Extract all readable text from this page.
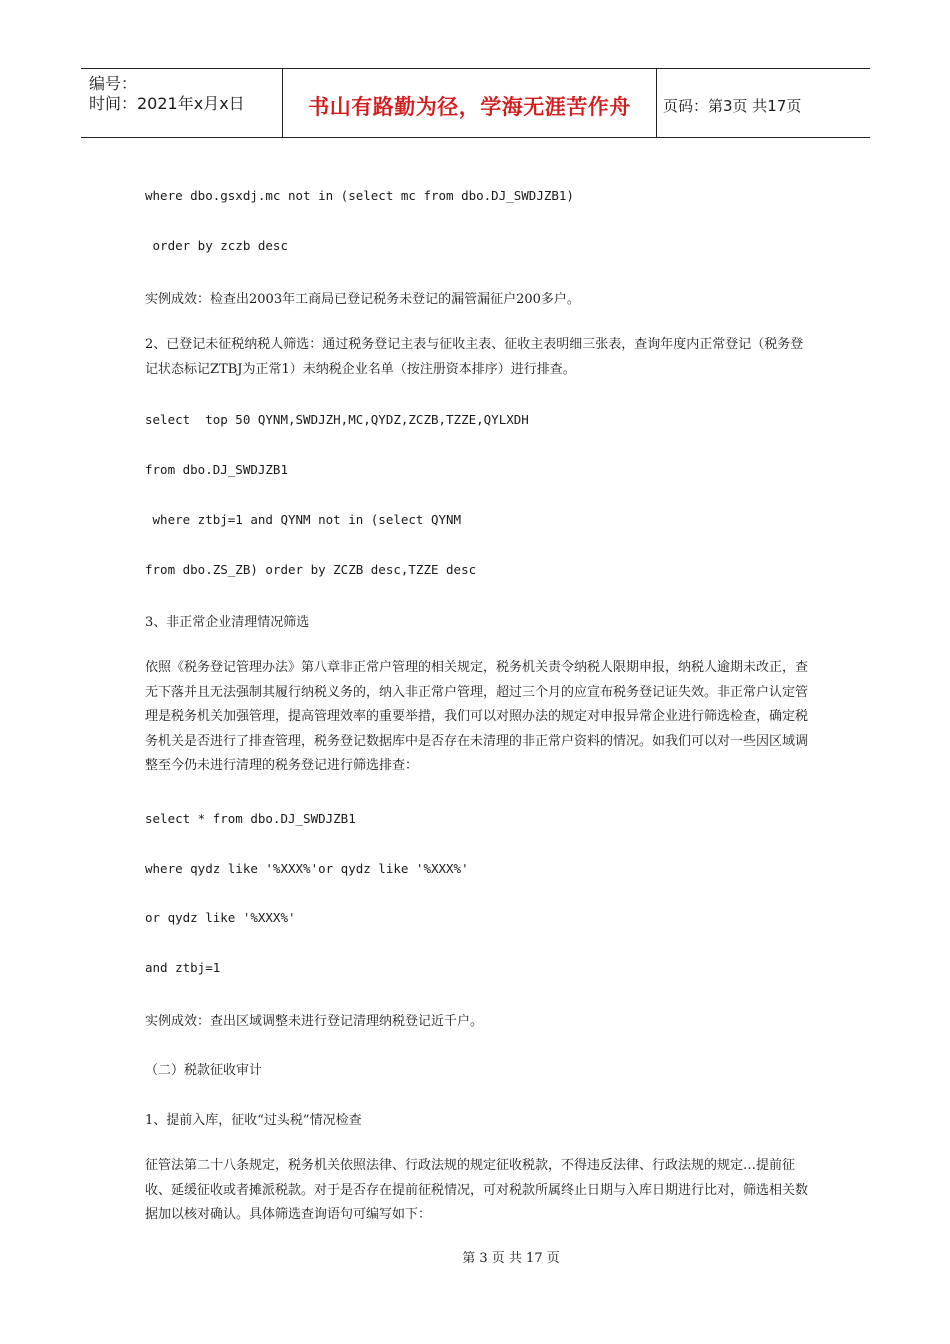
编号：
时间：2021年x月x日	书山有路勤为径，学海无涯苦作舟	页码：第3页 共17页
where dbo.gsxdj.mc not in (select mc from dbo.DJ_SWDJZB1)
order by zczb desc
实例成效：检查出2003年工商局已登记税务未登记的漏管漏征户200多户。
2、已登记未征税纳税人筛选：通过税务登记主表与征收主表、征收主表明细三张表，查询年度内正常登记（税务登记状态标记ZTBJ为正常1）未纳税企业名单（按注册资本排序）进行排查。
select  top 50 QYNM,SWDJZH,MC,QYDZ,ZCZB,TZZE,QYLXDH
from dbo.DJ_SWDJZB1
where ztbj=1 and QYNM not in (select QYNM
from dbo.ZS_ZB) order by ZCZB desc,TZZE desc
3、非正常企业清理情况筛选
依照《税务登记管理办法》第八章非正常户管理的相关规定，税务机关责令纳税人限期申报，纳税人逾期未改正，查无下落并且无法强制其履行纳税义务的，纳入非正常户管理，超过三个月的应宣布税务登记证失效。非正常户认定管理是税务机关加强管理，提高管理效率的重要举措，我们可以对照办法的规定对申报异常企业进行筛选检查，确定税务机关是否进行了排查管理，税务登记数据库中是否存在未清理的非正常户资料的情况。如我们可以对一些因区域调整至今仍未进行清理的税务登记进行筛选排查：
select * from dbo.DJ_SWDJZB1
where qydz like '%XXX%'or qydz like '%XXX%'
or qydz like '%XXX%'
and ztbj=1
实例成效：查出区域调整未进行登记清理纳税登记近千户。
（二）税款征收审计
1、提前入库，征收“过头税”情况检查
征管法第二十八条规定，税务机关依照法律、行政法规的规定征收税款，不得违反法律、行政法规的规定…提前征收、延缓征收或者摊派税款。对于是否存在提前征税情况，可对税款所属终止日期与入库日期进行比对，筛选相关数据加以核对确认。具体筛选查询语句可编写如下：
第 3 页 共 17 页
